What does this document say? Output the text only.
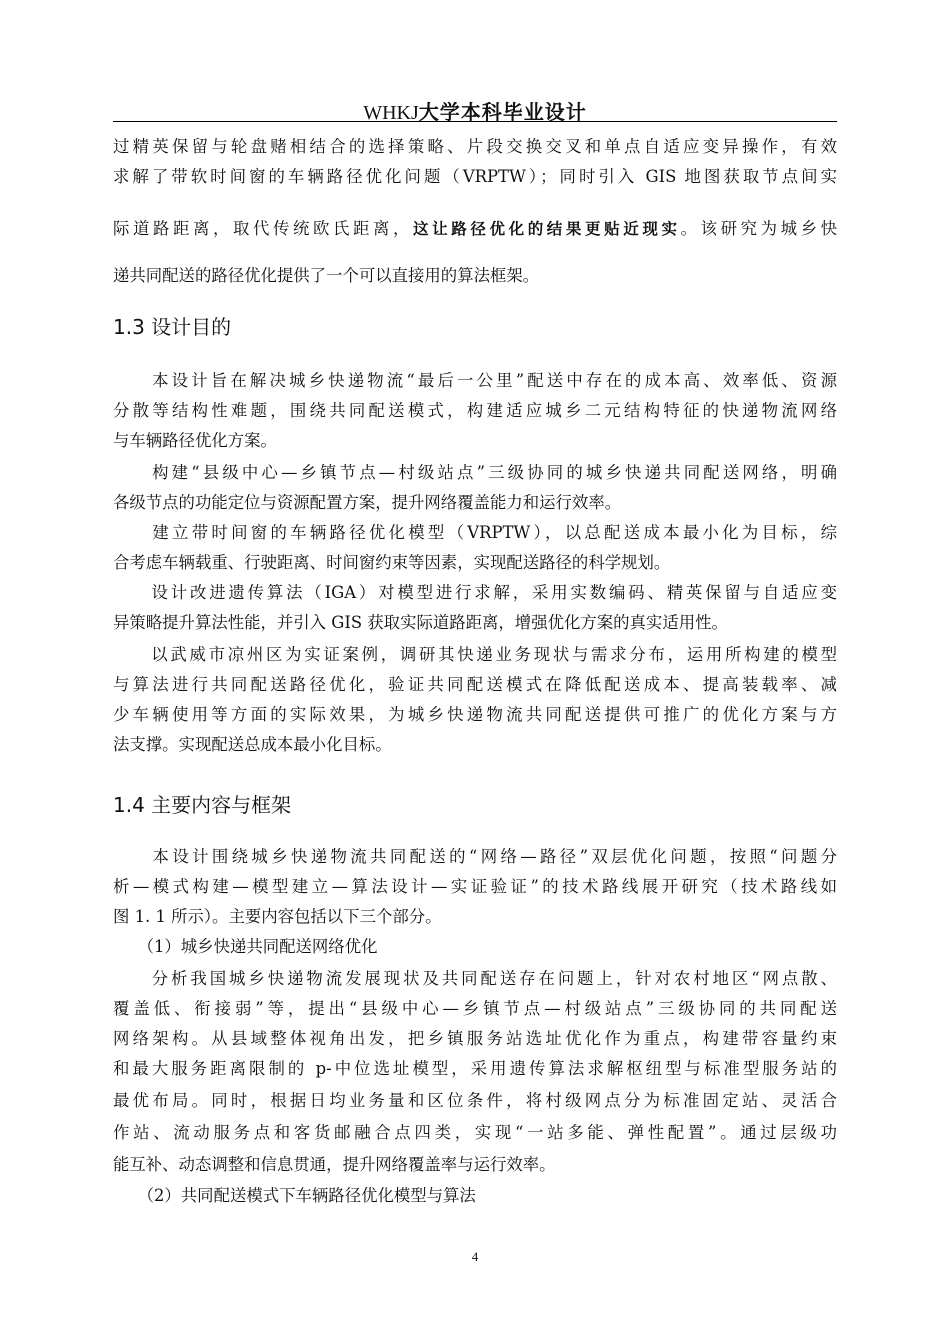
WHKJ大学本科毕业设计
过精英保留与轮盘赌相结合的选择策略、片段交换交叉和单点自适应变异操作，有效
求解了带软时间窗的车辆路径优化问题（VRPTW）；同时引入 GIS 地图获取节点间实
际道路距离，取代传统欧氏距离，这让路径优化的结果更贴近现实。该研究为城乡快
递共同配送的路径优化提供了一个可以直接用的算法框架。
1.3 设计目的
　　本设计旨在解决城乡快递物流“最后一公里”配送中存在的成本高、效率低、资源
分散等结构性难题，围绕共同配送模式，构建适应城乡二元结构特征的快递物流网络
与车辆路径优化方案。
　　构建“县级中心—乡镇节点—村级站点”三级协同的城乡快递共同配送网络，明确
各级节点的功能定位与资源配置方案，提升网络覆盖能力和运行效率。
　　建立带时间窗的车辆路径优化模型（VRPTW），以总配送成本最小化为目标，综
合考虑车辆载重、行驶距离、时间窗约束等因素，实现配送路径的科学规划。
　　设计改进遗传算法（IGA）对模型进行求解，采用实数编码、精英保留与自适应变
异策略提升算法性能，并引入 GIS 获取实际道路距离，增强优化方案的真实适用性。
　　以武威市凉州区为实证案例，调研其快递业务现状与需求分布，运用所构建的模型
与算法进行共同配送路径优化，验证共同配送模式在降低配送成本、提高装载率、减
少车辆使用等方面的实际效果，为城乡快递物流共同配送提供可推广的优化方案与方
法支撑。实现配送总成本最小化目标。
1.4 主要内容与框架
　　本设计围绕城乡快递物流共同配送的“网络—路径”双层优化问题，按照“问题分
析—模式构建—模型建立—算法设计—实证验证”的技术路线展开研究（技术路线如
图 1. 1 所示）。主要内容包括以下三个部分。
　　（1）城乡快递共同配送网络优化
　　分析我国城乡快递物流发展现状及共同配送存在问题上，针对农村地区“网点散、
覆盖低、衔接弱”等，提出“县级中心—乡镇节点—村级站点”三级协同的共同配送
网络架构。从县域整体视角出发，把乡镇服务站选址优化作为重点，构建带容量约束
和最大服务距离限制的 p-中位选址模型，采用遗传算法求解枢纽型与标准型服务站的
最优布局。同时，根据日均业务量和区位条件，将村级网点分为标准固定站、灵活合
作站、流动服务点和客货邮融合点四类，实现“一站多能、弹性配置”。通过层级功
能互补、动态调整和信息贯通，提升网络覆盖率与运行效率。
　　（2）共同配送模式下车辆路径优化模型与算法
4
